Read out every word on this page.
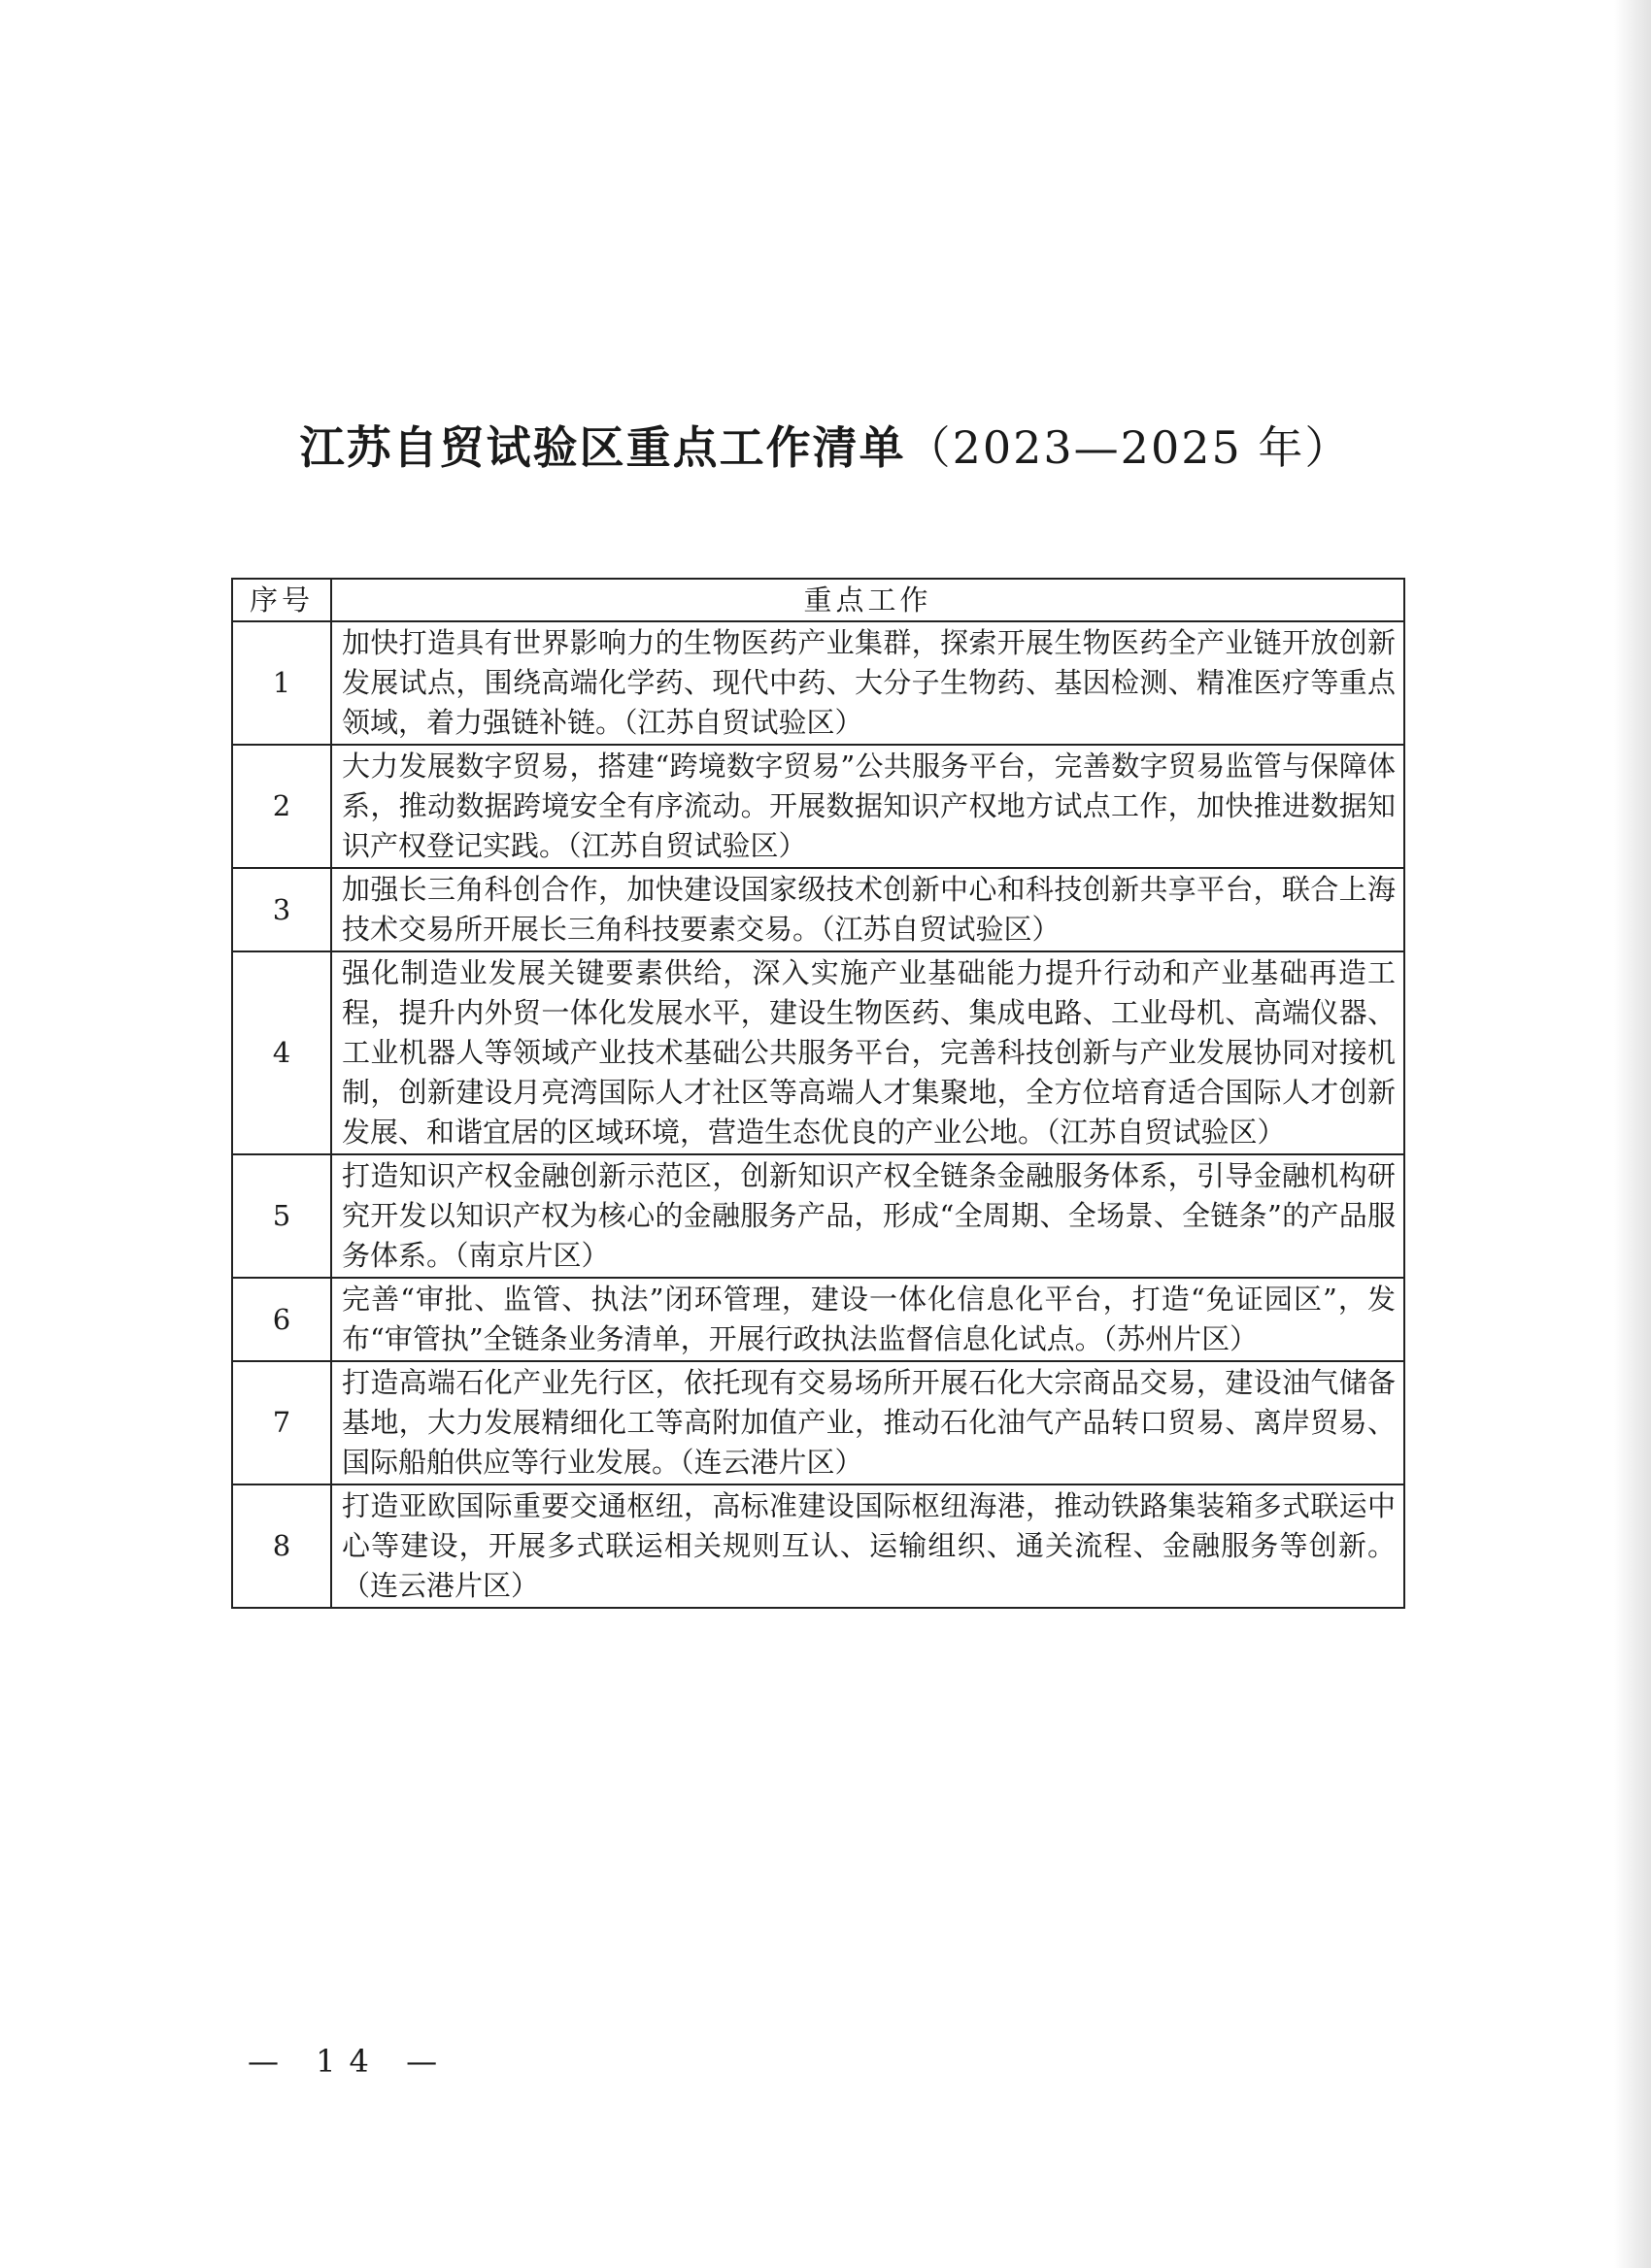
江苏自贸试验区重点工作清单（2023—2025 年）
序号	重点工作
1	加快打造具有世界影响力的生物医药产业集群，探索开展生物医药全产业链开放创新发展试点，围绕高端化学药、现代中药、大分子生物药、基因检测、精准医疗等重点领域，着力强链补链。（江苏自贸试验区）
2	大力发展数字贸易，搭建“跨境数字贸易”公共服务平台，完善数字贸易监管与保障体系，推动数据跨境安全有序流动。开展数据知识产权地方试点工作，加快推进数据知识产权登记实践。（江苏自贸试验区）
3	加强长三角科创合作，加快建设国家级技术创新中心和科技创新共享平台，联合上海技术交易所开展长三角科技要素交易。（江苏自贸试验区）
4	强化制造业发展关键要素供给，深入实施产业基础能力提升行动和产业基础再造工程，提升内外贸一体化发展水平，建设生物医药、集成电路、工业母机、高端仪器、工业机器人等领域产业技术基础公共服务平台，完善科技创新与产业发展协同对接机制，创新建设月亮湾国际人才社区等高端人才集聚地，全方位培育适合国际人才创新发展、和谐宜居的区域环境，营造生态优良的产业公地。（江苏自贸试验区）
5	打造知识产权金融创新示范区，创新知识产权全链条金融服务体系，引导金融机构研究开发以知识产权为核心的金融服务产品，形成“全周期、全场景、全链条”的产品服务体系。（南京片区）
6	完善“审批、监管、执法”闭环管理，建设一体化信息化平台，打造“免证园区”，发布“审管执”全链条业务清单，开展行政执法监督信息化试点。（苏州片区）
7	打造高端石化产业先行区，依托现有交易场所开展石化大宗商品交易，建设油气储备基地，大力发展精细化工等高附加值产业，推动石化油气产品转口贸易、离岸贸易、国际船舶供应等行业发展。（连云港片区）
8	打造亚欧国际重要交通枢纽，高标准建设国际枢纽海港，推动铁路集装箱多式联运中心等建设，开展多式联运相关规则互认、运输组织、通关流程、金融服务等创新。（连云港片区）
— 14 —
